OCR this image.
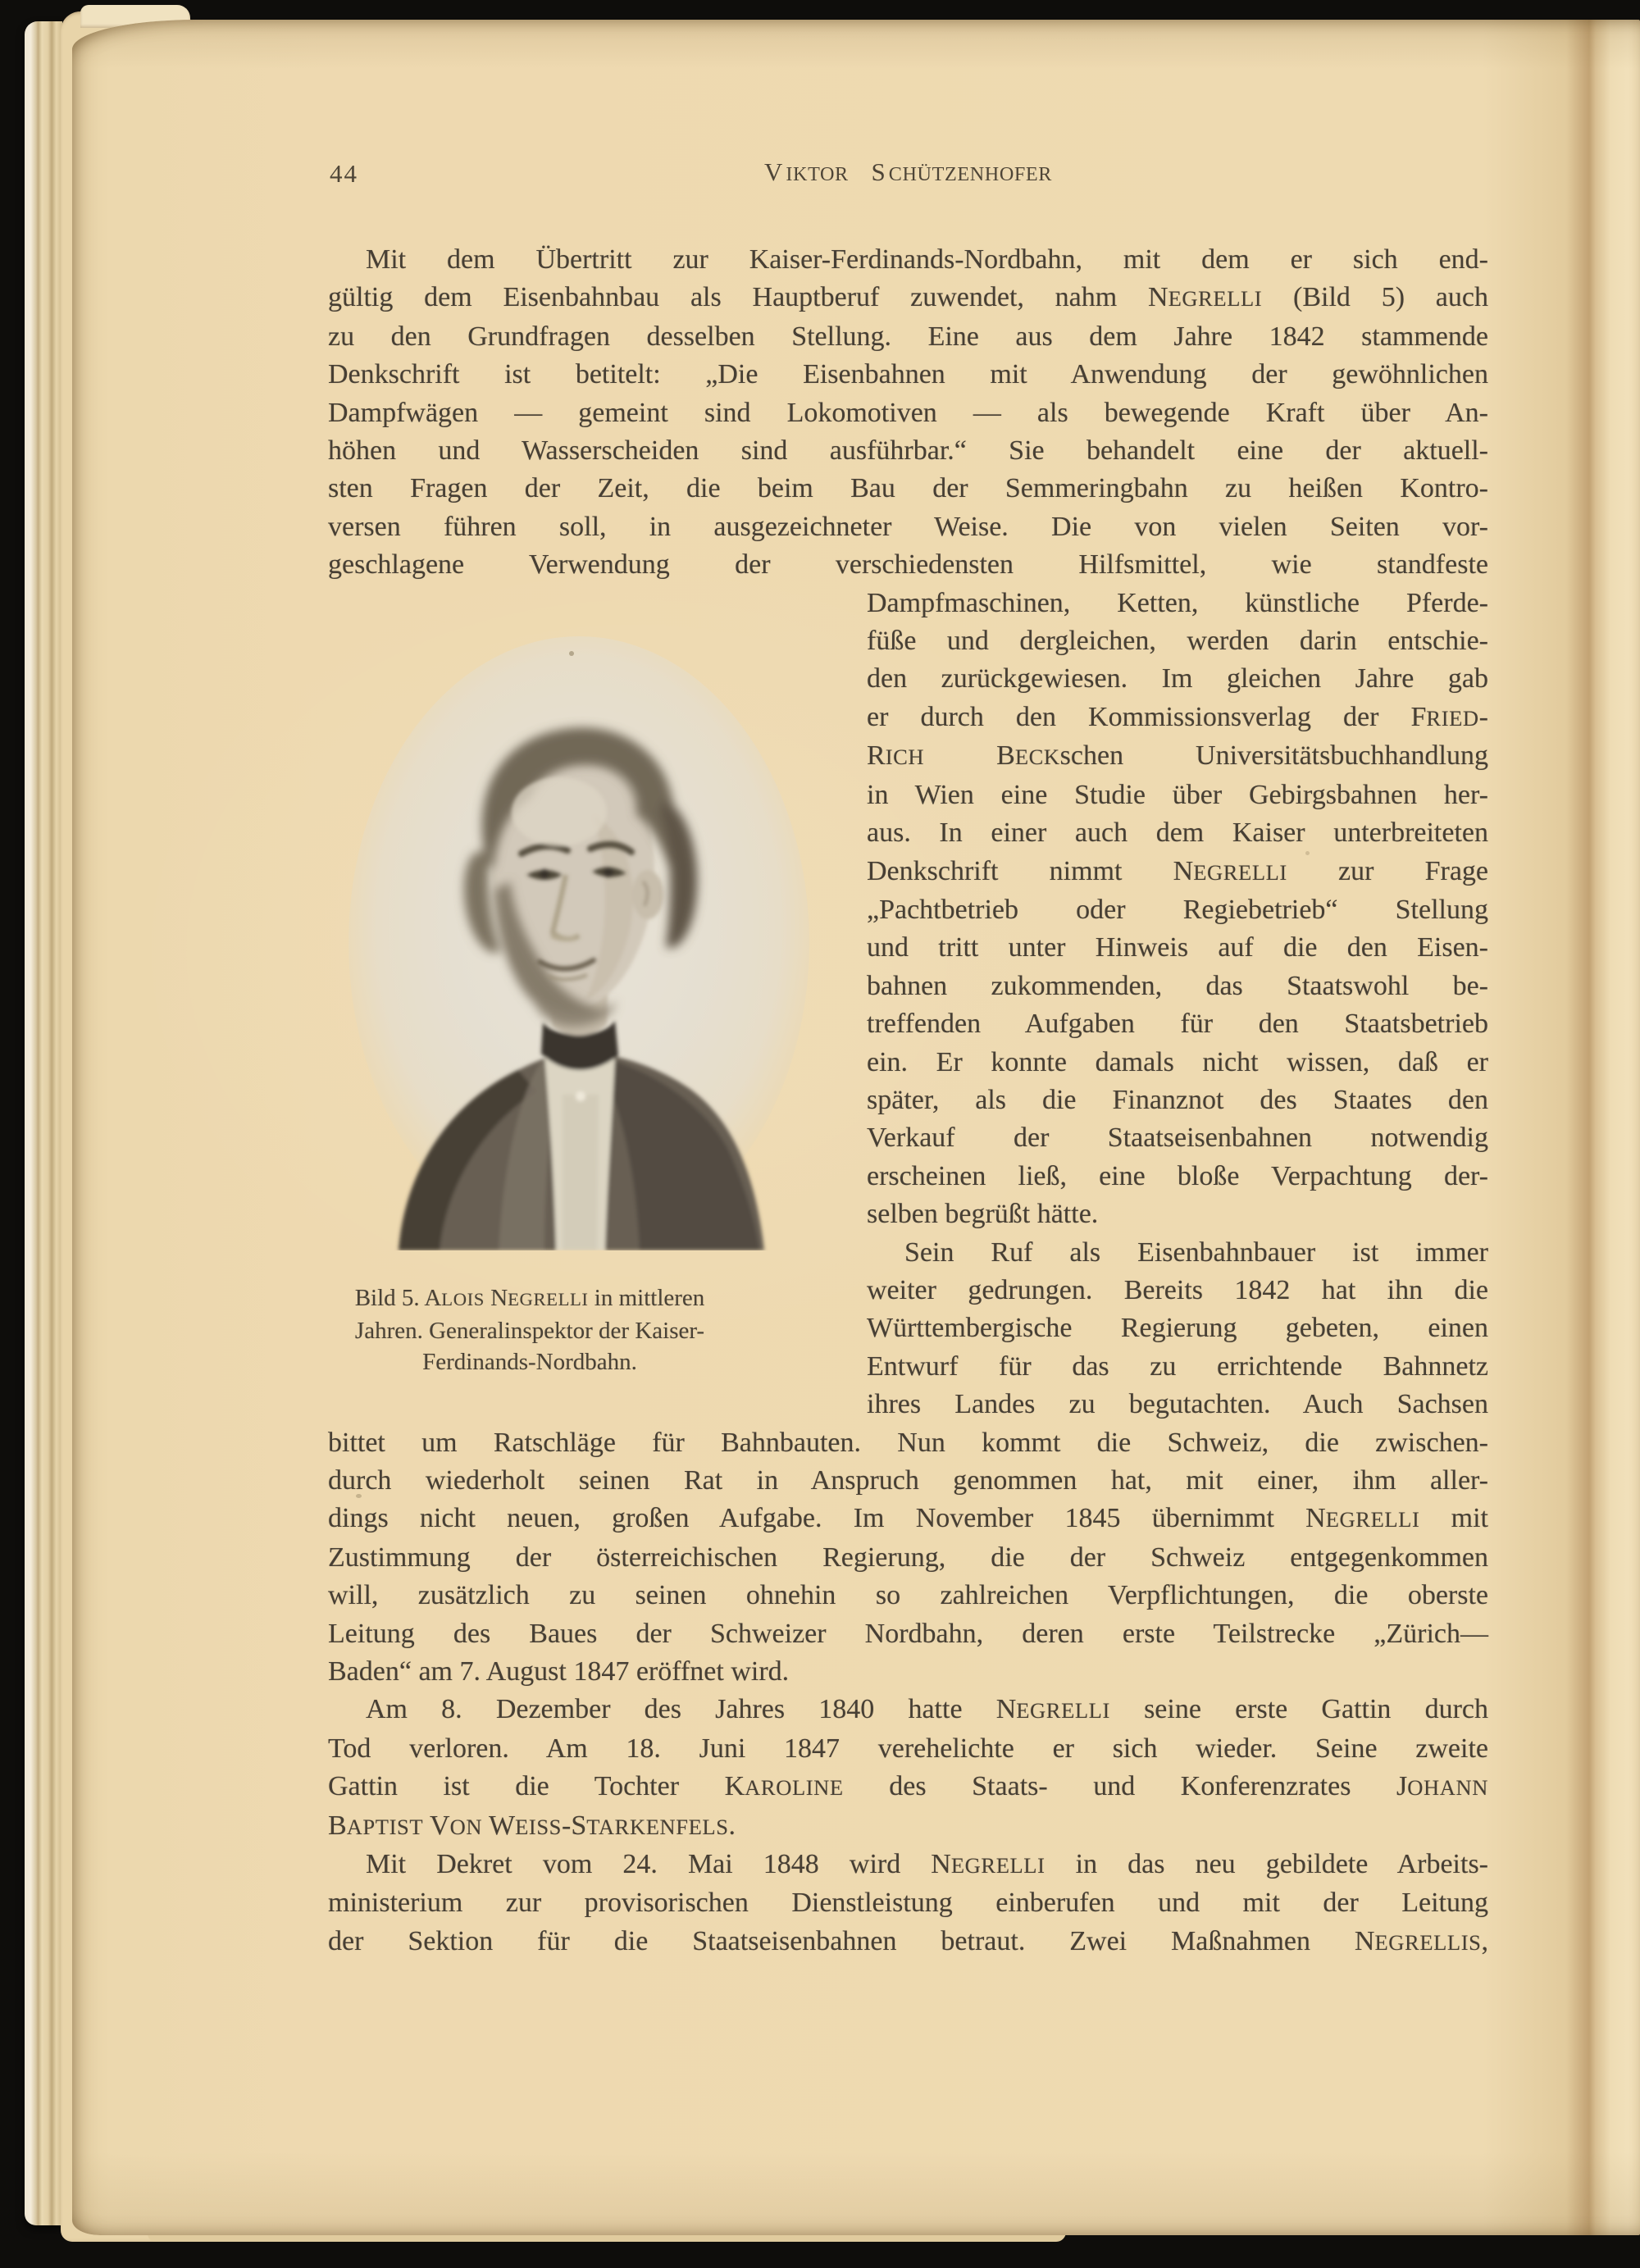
44	VIKTOR SCHÜTZENHOFER
Mit dem Übertritt zur Kaiser-Ferdinands-Nordbahn, mit dem er sich end-
gültig dem Eisenbahnbau als Hauptberuf zuwendet, nahm NEGRELLI (Bild 5) auch
zu den Grundfragen desselben Stellung. Eine aus dem Jahre 1842 stammende
Denkschrift ist betitelt: „Die Eisenbahnen mit Anwendung der gewöhnlichen
Dampfwägen — gemeint sind Lokomotiven — als bewegende Kraft über An-
höhen und Wasserscheiden sind ausführbar.“ Sie behandelt eine der aktuell-
sten Fragen der Zeit, die beim Bau der Semmeringbahn zu heißen Kontro-
versen führen soll, in ausgezeichneter Weise. Die von vielen Seiten vor-
geschlagene Verwendung der verschiedensten Hilfsmittel, wie standfeste
Dampfmaschinen, Ketten, künstliche Pferde-
füße und dergleichen, werden darin entschie-
den zurückgewiesen. Im gleichen Jahre gab
er durch den Kommissionsverlag der FRIED-
RICH BECKschen Universitätsbuchhandlung
in Wien eine Studie über Gebirgsbahnen her-
aus. In einer auch dem Kaiser unterbreiteten
Denkschrift nimmt NEGRELLI zur Frage
„Pachtbetrieb oder Regiebetrieb“ Stellung
und tritt unter Hinweis auf die den Eisen-
bahnen zukommenden, das Staatswohl be-
treffenden Aufgaben für den Staatsbetrieb
ein. Er konnte damals nicht wissen, daß er
später, als die Finanznot des Staates den
Verkauf der Staatseisenbahnen notwendig
erscheinen ließ, eine bloße Verpachtung der-
selben begrüßt hätte.
Sein Ruf als Eisenbahnbauer ist immer
weiter gedrungen. Bereits 1842 hat ihn die
Württembergische Regierung gebeten, einen
Entwurf für das zu errichtende Bahnnetz
ihres Landes zu begutachten. Auch Sachsen
bittet um Ratschläge für Bahnbauten. Nun kommt die Schweiz, die zwischen-
durch wiederholt seinen Rat in Anspruch genommen hat, mit einer, ihm aller-
dings nicht neuen, großen Aufgabe. Im November 1845 übernimmt NEGRELLI mit
Zustimmung der österreichischen Regierung, die der Schweiz entgegenkommen
will, zusätzlich zu seinen ohnehin so zahlreichen Verpflichtungen, die oberste
Leitung des Baues der Schweizer Nordbahn, deren erste Teilstrecke „Zürich—
Baden“ am 7. August 1847 eröffnet wird.
Am 8. Dezember des Jahres 1840 hatte NEGRELLI seine erste Gattin durch
Tod verloren. Am 18. Juni 1847 verehelichte er sich wieder. Seine zweite
Gattin ist die Tochter KAROLINE des Staats- und Konferenzrates JOHANN
BAPTIST VON WEISS-STARKENFELS.
Mit Dekret vom 24. Mai 1848 wird NEGRELLI in das neu gebildete Arbeits-
ministerium zur provisorischen Dienstleistung einberufen und mit der Leitung
der Sektion für die Staatseisenbahnen betraut. Zwei Maßnahmen NEGRELLIS,
Bild 5. ALOIS NEGRELLI in mittleren
Jahren. Generalinspektor der Kaiser-
Ferdinands-Nordbahn.
